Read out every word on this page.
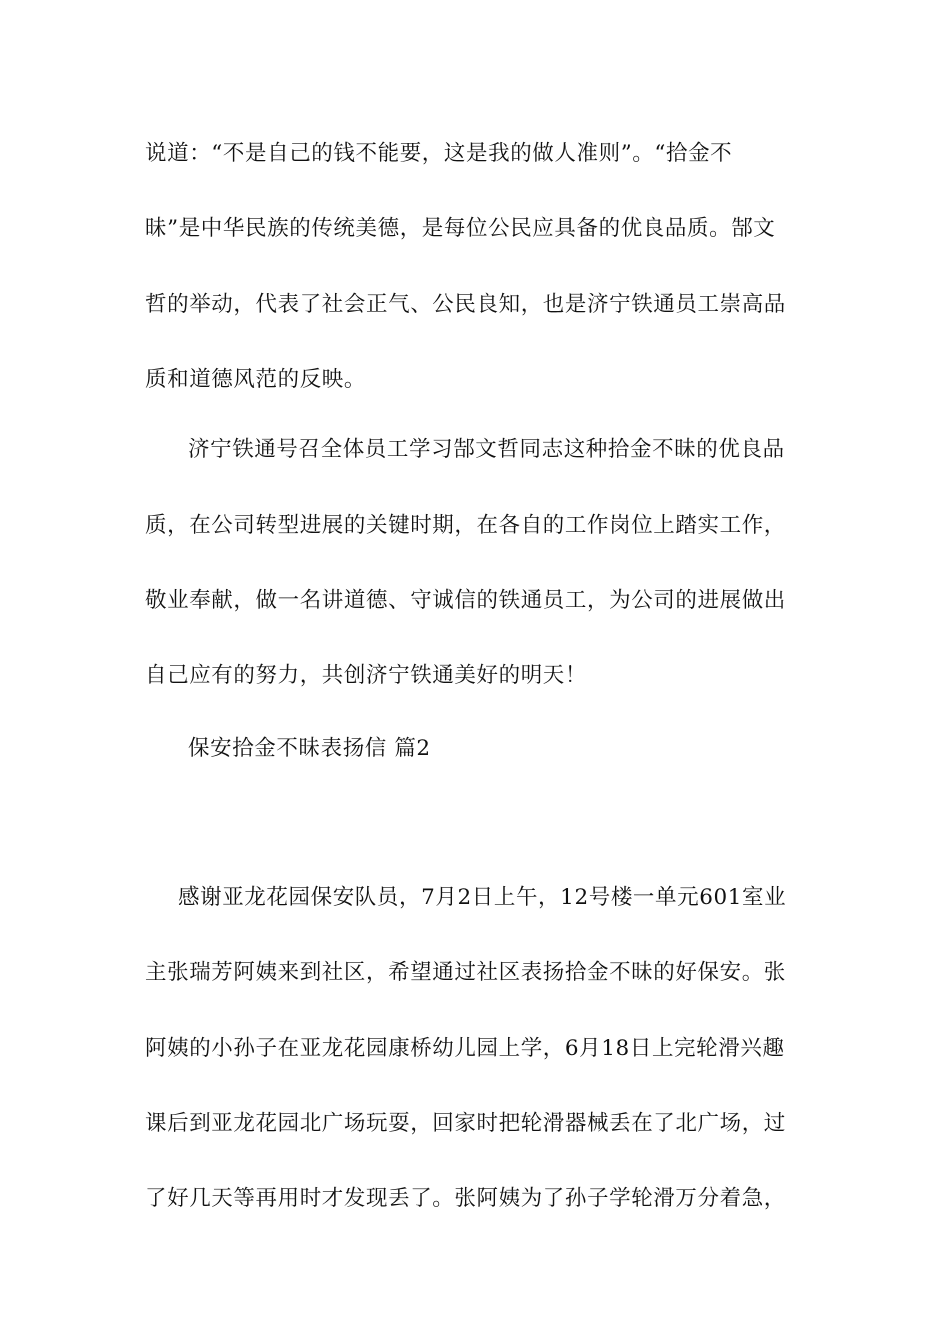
说道：“不是自己的钱不能要，这是我的做人准则”。“拾金不
昧”是中华民族的传统美德，是每位公民应具备的优良品质。郜文
哲的举动，代表了社会正气、公民良知，也是济宁铁通员工崇高品
质和道德风范的反映。
济宁铁通号召全体员工学习郜文哲同志这种拾金不昧的优良品
质，在公司转型进展的关键时期，在各自的工作岗位上踏实工作，
敬业奉献，做一名讲道德、守诚信的铁通员工，为公司的进展做出
自己应有的努力，共创济宁铁通美好的明天！
保安拾金不昧表扬信 篇2
感谢亚龙花园保安队员，7月2日上午，12号楼一单元601室业
主张瑞芳阿姨来到社区，希望通过社区表扬拾金不昧的好保安。张
阿姨的小孙子在亚龙花园康桥幼儿园上学，6月18日上完轮滑兴趣
课后到亚龙花园北广场玩耍，回家时把轮滑器械丢在了北广场，过
了好几天等再用时才发现丢了。张阿姨为了孙子学轮滑万分着急，
